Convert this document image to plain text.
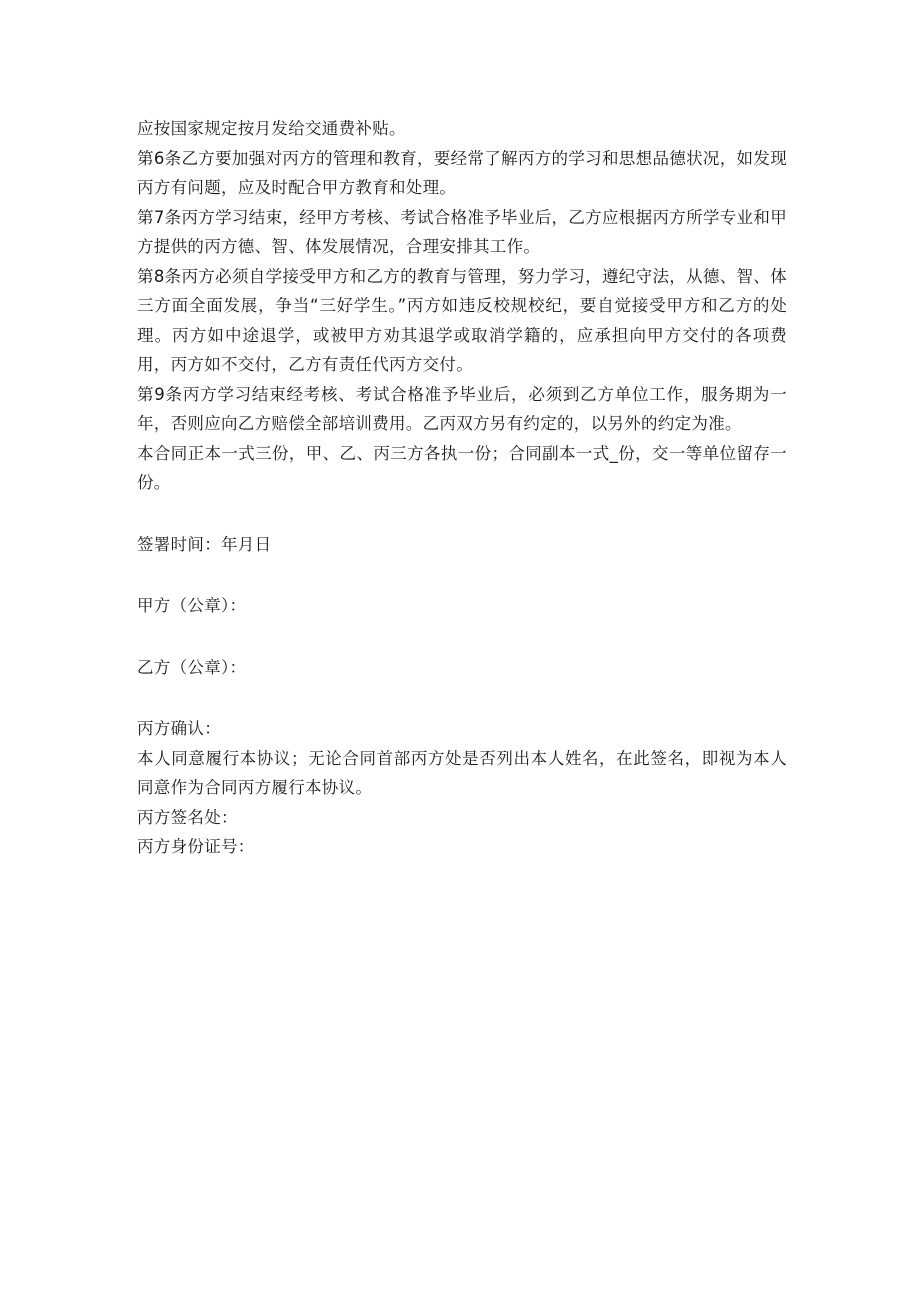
应按国家规定按月发给交通费补贴。

第6条乙方要加强对丙方的管理和教育，要经常了解丙方的学习和思想品德状况，如发现丙方有问题，应及时配合甲方教育和处理。

第7条丙方学习结束，经甲方考核、考试合格准予毕业后，乙方应根据丙方所学专业和甲方提供的丙方德、智、体发展情况，合理安排其工作。

第8条丙方必须自学接受甲方和乙方的教育与管理，努力学习，遵纪守法，从德、智、体三方面全面发展，争当“三好学生。”丙方如违反校规校纪，要自觉接受甲方和乙方的处理。丙方如中途退学，或被甲方劝其退学或取消学籍的，应承担向甲方交付的各项费用，丙方如不交付，乙方有责任代丙方交付。

第9条丙方学习结束经考核、考试合格准予毕业后，必须到乙方单位工作，服务期为一年，否则应向乙方赔偿全部培训费用。乙丙双方另有约定的，以另外的约定为准。

本合同正本一式三份，甲、乙、丙三方各执一份；合同副本一式_份，交一等单位留存一份。

签署时间：年月日

甲方（公章）：

乙方（公章）：

丙方确认：

本人同意履行本协议；无论合同首部丙方处是否列出本人姓名，在此签名，即视为本人同意作为合同丙方履行本协议。

丙方签名处：

丙方身份证号：
